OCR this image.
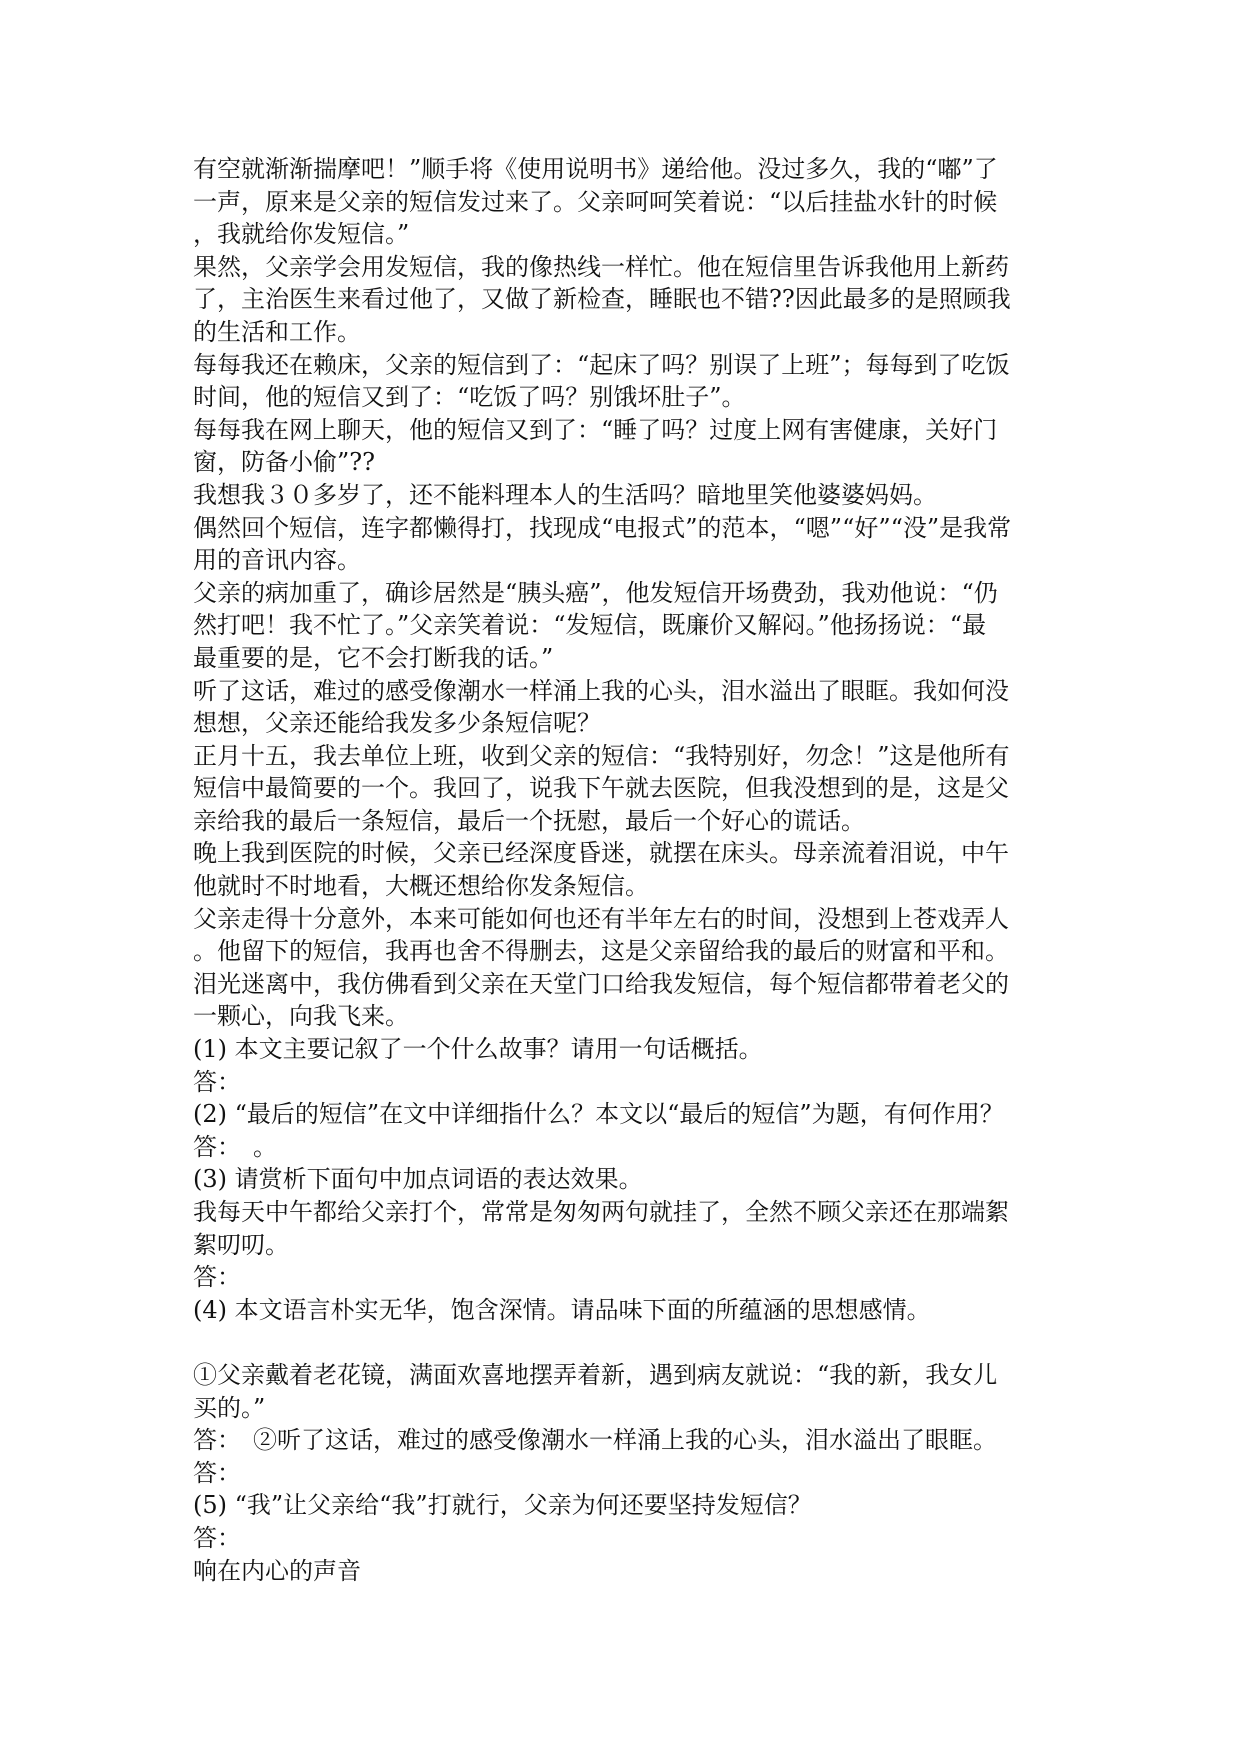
有空就渐渐揣摩吧！”顺手将《使用说明书》递给他。没过多久，我的“嘟”了
一声，原来是父亲的短信发过来了。父亲呵呵笑着说：“以后挂盐水针的时候
，我就给你发短信。”
果然，父亲学会用发短信，我的像热线一样忙。他在短信里告诉我他用上新药
了，主治医生来看过他了，又做了新检查，睡眠也不错??因此最多的是照顾我
的生活和工作。
每每我还在赖床，父亲的短信到了：“起床了吗？别误了上班”；每每到了吃饭
时间，他的短信又到了：“吃饭了吗？别饿坏肚子”。
每每我在网上聊天，他的短信又到了：“睡了吗？过度上网有害健康，关好门
窗，防备小偷”??
我想我３０多岁了，还不能料理本人的生活吗？暗地里笑他婆婆妈妈。
偶然回个短信，连字都懒得打，找现成“电报式”的范本，“嗯”“好”“没”是我常
用的音讯内容。
父亲的病加重了，确诊居然是“胰头癌”，他发短信开场费劲，我劝他说：“仍
然打吧！我不忙了。”父亲笑着说：“发短信，既廉价又解闷。”他扬扬说：“最
最重要的是，它不会打断我的话。”
听了这话，难过的感受像潮水一样涌上我的心头，泪水溢出了眼眶。我如何没
想想，父亲还能给我发多少条短信呢？
正月十五，我去单位上班，收到父亲的短信：“我特别好，勿念！”这是他所有
短信中最简要的一个。我回了，说我下午就去医院，但我没想到的是，这是父
亲给我的最后一条短信，最后一个抚慰，最后一个好心的谎话。
晚上我到医院的时候，父亲已经深度昏迷，就摆在床头。母亲流着泪说，中午
他就时不时地看，大概还想给你发条短信。
父亲走得十分意外，本来可能如何也还有半年左右的时间，没想到上苍戏弄人
。他留下的短信，我再也舍不得删去，这是父亲留给我的最后的财富和平和。
泪光迷离中，我仿佛看到父亲在天堂门口给我发短信，每个短信都带着老父的
一颗心，向我飞来。
(1) 本文主要记叙了一个什么故事？请用一句话概括。
答：
(2) “最后的短信”在文中详细指什么？本文以“最后的短信”为题，有何作用？
答：　。
(3) 请赏析下面句中加点词语的表达效果。
我每天中午都给父亲打个，常常是匆匆两句就挂了，全然不顾父亲还在那端絮
絮叨叨。
答：
(4) 本文语言朴实无华，饱含深情。请品味下面的所蕴涵的思想感情。
①父亲戴着老花镜，满面欢喜地摆弄着新，遇到病友就说：“我的新，我女儿
买的。”
答：　②听了这话，难过的感受像潮水一样涌上我的心头，泪水溢出了眼眶。
答：
(5) “我”让父亲给“我”打就行，父亲为何还要坚持发短信？
答：
响在内心的声音
